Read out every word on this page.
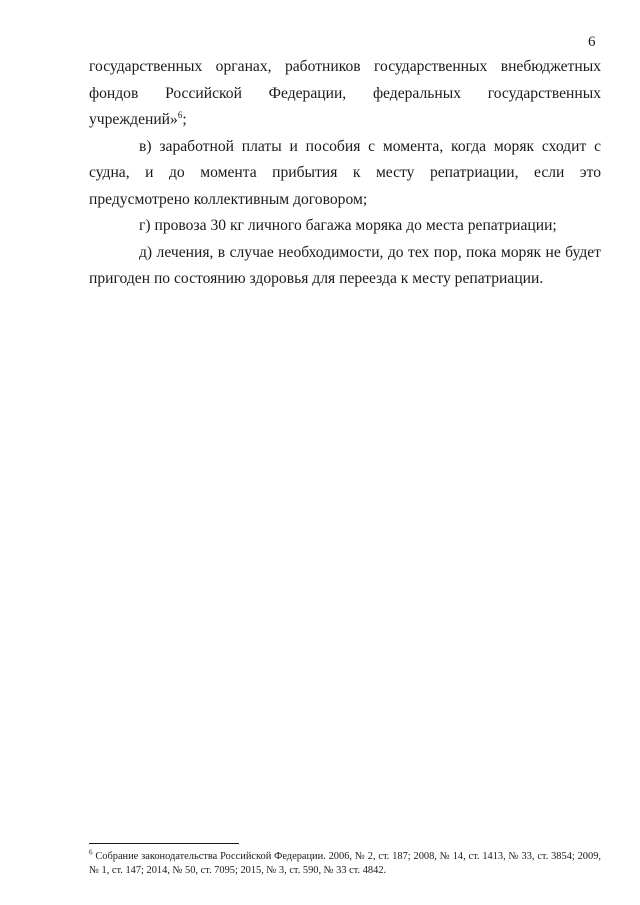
6

государственных органах, работников государственных внебюджетных фондов Российской Федерации, федеральных государственных учреждений»$^6$;

в) заработной платы и пособия с момента, когда моряк сходит с судна, и до момента прибытия к месту репатриации, если это предусмотрено коллективным договором;

г) провоза 30 кг личного багажа моряка до места репатриации;

д) лечения, в случае необходимости, до тех пор, пока моряк не будет пригоден по состоянию здоровья для переезда к месту репатриации.

$^6$ Собрание законодательства Российской Федерации. 2006, № 2, ст. 187; 2008, № 14, ст. 1413, № 33, ст. 3854; 2009, № 1, ст. 147; 2014, № 50, ст. 7095; 2015, № 3, ст. 590, № 33 ст. 4842.
